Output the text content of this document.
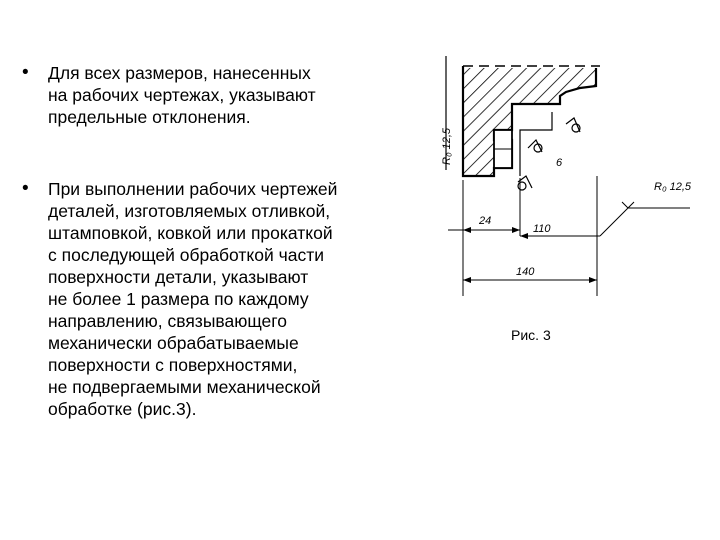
•	Для всех размеров, нанесенных
на рабочих чертежах, указывают
предельные отклонения.
•	При выполнении рабочих чертежей
деталей, изготовляемых отливкой,
штамповкой, ковкой или прокаткой
с последующей обработкой части
поверхности детали, указывают
не более 1 размера по каждому
направлению, связывающего
механически обрабатываемые
поверхности с поверхностями,
не подвергаемыми механической
обработке (рис.3).
R₀ 12,5	6
24
110
R₀ 12,5
140
Рис. 3
